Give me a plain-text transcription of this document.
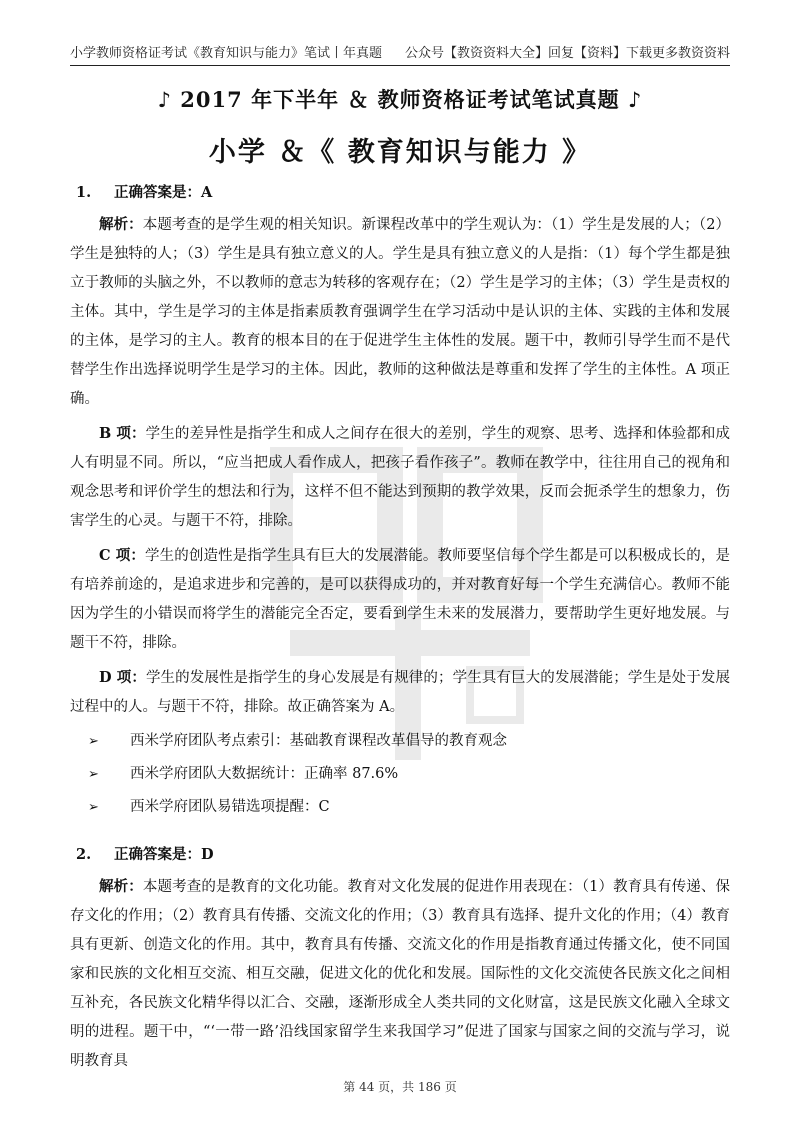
小学教师资格证考试《教育知识与能力》笔试丨年真题 公众号【教资资料大全】回复【资料】下载更多教资资料
♪ 2017 年下半年 ＆ 教师资格证考试笔试真题 ♪
小学 ＆《 教育知识与能力 》
1. 正确答案是：A

解析：本题考查的是学生观的相关知识。新课程改革中的学生观认为：（1）学生是发展的人；（2）学生是独特的人；（3）学生是具有独立意义的人。学生是具有独立意义的人是指：（1）每个学生都是独立于教师的头脑之外，不以教师的意志为转移的客观存在；（2）学生是学习的主体；（3）学生是责权的主体。其中，学生是学习的主体是指素质教育强调学生在学习活动中是认识的主体、实践的主体和发展的主体，是学习的主人。教育的根本目的在于促进学生主体性的发展。题干中，教师引导学生而不是代替学生作出选择说明学生是学习的主体。因此，教师的这种做法是尊重和发挥了学生的主体性。A 项正确。

B 项：学生的差异性是指学生和成人之间存在很大的差别，学生的观察、思考、选择和体验都和成人有明显不同。所以，“应当把成人看作成人，把孩子看作孩子”。教师在教学中，往往用自己的视角和观念思考和评价学生的想法和行为，这样不但不能达到预期的教学效果，反而会扼杀学生的想象力，伤害学生的心灵。与题干不符，排除。

C 项：学生的创造性是指学生具有巨大的发展潜能。教师要坚信每个学生都是可以积极成长的，是有培养前途的，是追求进步和完善的，是可以获得成功的，并对教育好每一个学生充满信心。教师不能因为学生的小错误而将学生的潜能完全否定，要看到学生未来的发展潜力，要帮助学生更好地发展。与题干不符，排除。

D 项：学生的发展性是指学生的身心发展是有规律的；学生具有巨大的发展潜能；学生是处于发展过程中的人。与题干不符，排除。故正确答案为 A。

➢ 西米学府团队考点索引：基础教育课程改革倡导的教育观念
➢ 西米学府团队大数据统计：正确率 87.6%
➢ 西米学府团队易错选项提醒：C
2. 正确答案是：D

解析：本题考查的是教育的文化功能。教育对文化发展的促进作用表现在：（1）教育具有传递、保存文化的作用；（2）教育具有传播、交流文化的作用；（3）教育具有选择、提升文化的作用；（4）教育具有更新、创造文化的作用。其中，教育具有传播、交流文化的作用是指教育通过传播文化，使不同国家和民族的文化相互交流、相互交融，促进文化的优化和发展。国际性的文化交流使各民族文化之间相互补充，各民族文化精华得以汇合、交融，逐渐形成全人类共同的文化财富，这是民族文化融入全球文明的进程。题干中，“‘一带一路’沿线国家留学生来我国学习”促进了国家与国家之间的交流与学习，说明教育具

第 44 页，共 186 页
